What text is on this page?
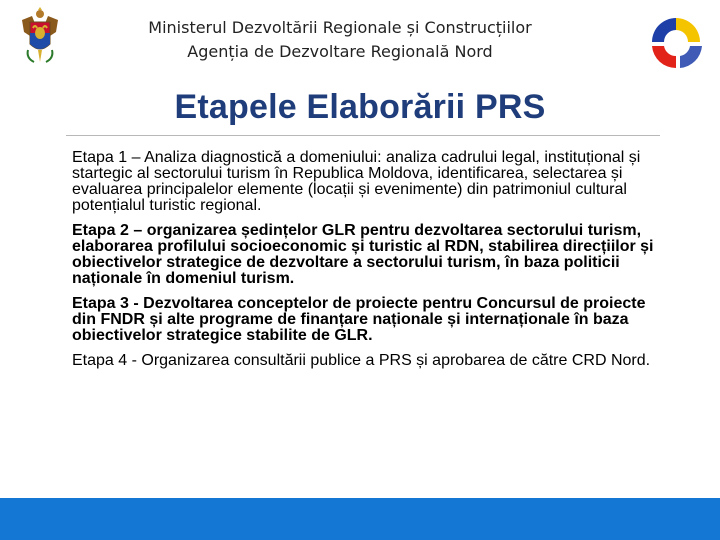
Ministerul Dezvoltării Regionale și Construcțiilor
Agenția de Dezvoltare Regională Nord
Etapele Elaborării PRS

Etapa 1 – Analiza diagnostică a domeniului: analiza cadrului legal, instituțional și startegic al sectorului turism în Republica Moldova, identificarea, selectarea și evaluarea principalelor elemente (locații și evenimente) din patrimoniul cultural potențialul turistic regional.

Etapa 2 – organizarea ședințelor GLR pentru dezvoltarea sectorului turism, elaborarea profilului socioeconomic și turistic al RDN, stabilirea direcțiilor și obiectivelor strategice de dezvoltare a sectorului turism, în baza politicii naționale în domeniul turism.

Etapa 3 - Dezvoltarea conceptelor de proiecte pentru Concursul de proiecte din FNDR și alte programe de finanțare naționale și internaționale în baza obiectivelor strategice stabilite de GLR.

Etapa 4 - Organizarea consultării publice a PRS și aprobarea de către CRD Nord.
